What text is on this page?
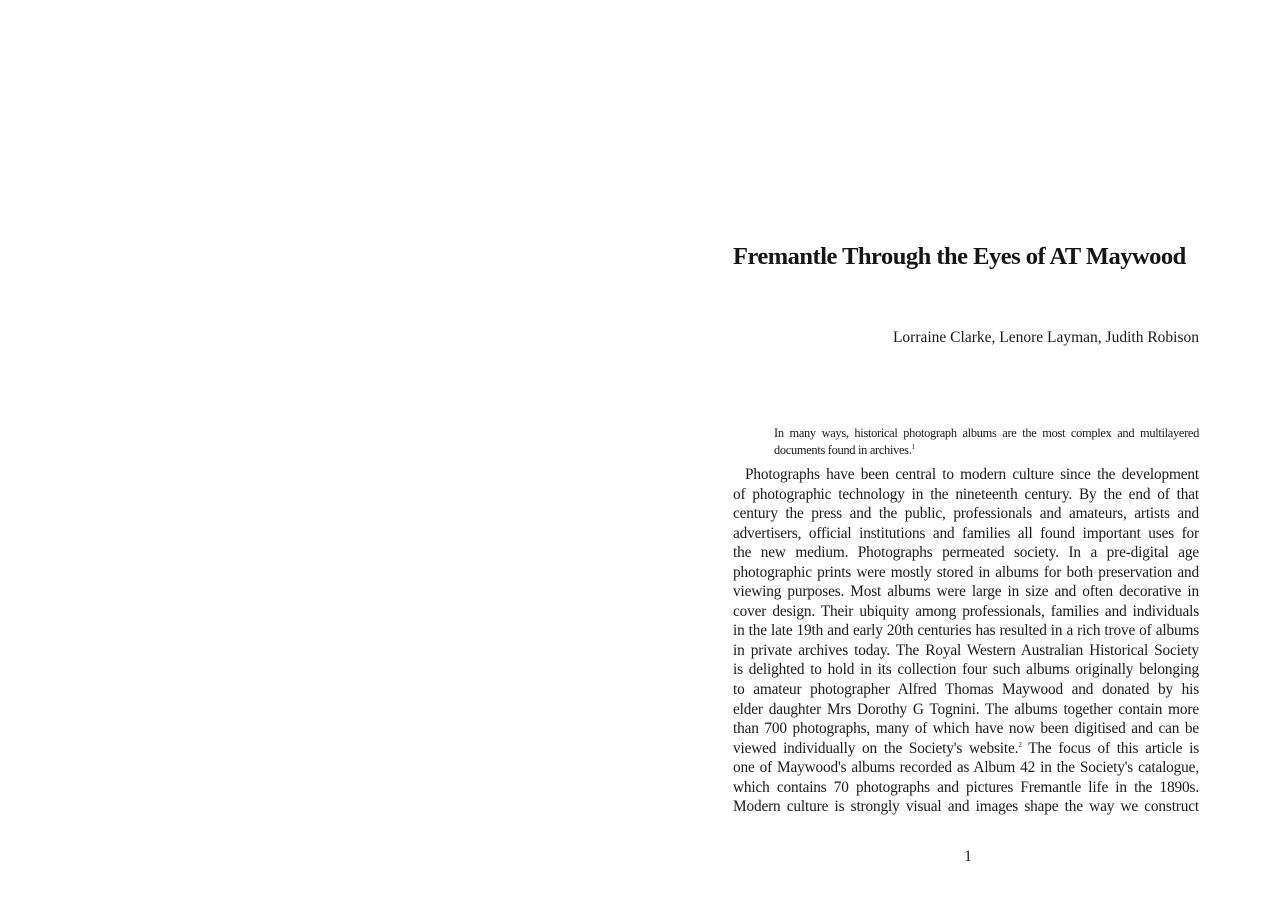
Fremantle Through the Eyes of AT Maywood
Lorraine Clarke, Lenore Layman, Judith Robison
In many ways, historical photograph albums are the most complex and multilayered
documents found in archives.$^1$
Photographs have been central to modern culture since the development
of photographic technology in the nineteenth century. By the end of that
century the press and the public, professionals and amateurs, artists and
advertisers, official institutions and families all found important uses for
the new medium. Photographs permeated society. In a pre-digital age
photographic prints were mostly stored in albums for both preservation and
viewing purposes. Most albums were large in size and often decorative in
cover design. Their ubiquity among professionals, families and individuals
in the late 19th and early 20th centuries has resulted in a rich trove of albums
in private archives today. The Royal Western Australian Historical Society
is delighted to hold in its collection four such albums originally belonging
to amateur photographer Alfred Thomas Maywood and donated by his
elder daughter Mrs Dorothy G Tognini. The albums together contain more
than 700 photographs, many of which have now been digitised and can be
viewed individually on the Society's website.$^2$ The focus of this article is
one of Maywood's albums recorded as Album 42 in the Society's catalogue,
which contains 70 photographs and pictures Fremantle life in the 1890s.
Modern culture is strongly visual and images shape the way we construct
1
